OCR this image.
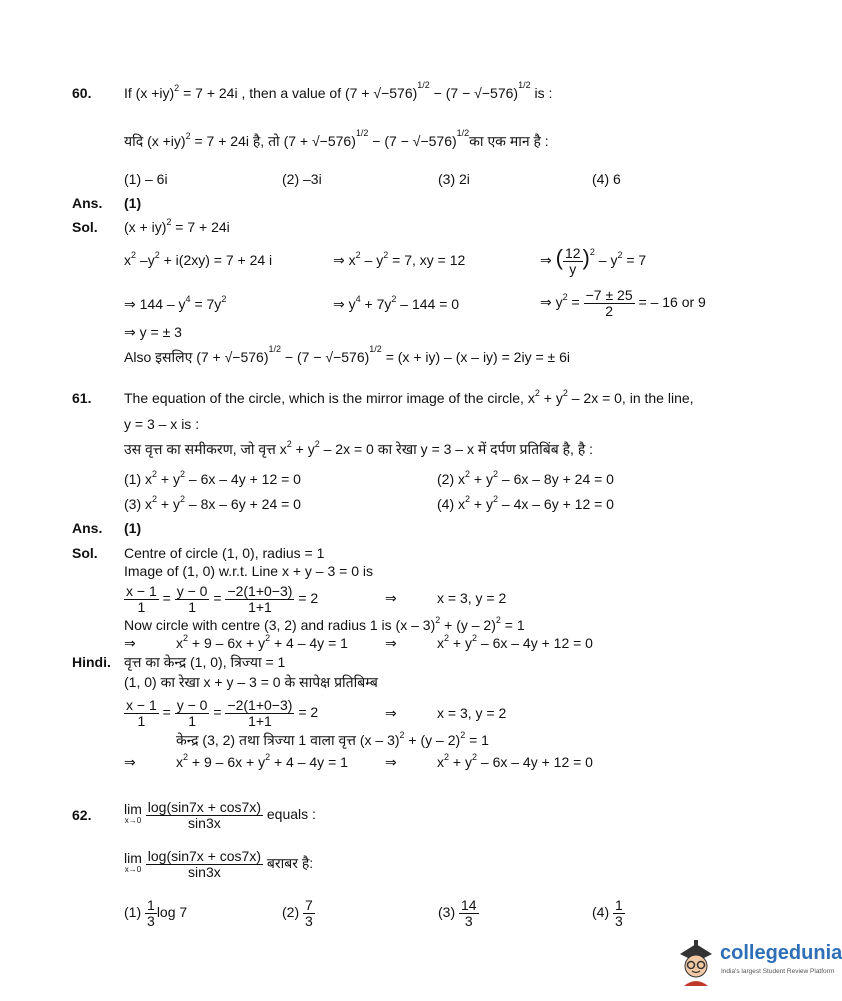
60. If $(x +iy)^2 = 7 + 24i$ , then a value of $(7 + √-576)^{1/2} - (7 - √-576)^{1/2}$ is :
यदि $(x +iy)^2 = 7 + 24i$ है, तो $(7 + √-576)^{1/2} - (7$ − $√-576)^{1/2}का$ एक मान है :
(1) – 6i	(2) –3i	(3) 2i	(4) 6
Ans. (1)
Sol. (x + iy)$^2$ = 7 + 24i
$x^2$ $-y^2 + i(2xy) = 7 + 24$ i	⇒ $x^2 - y^2 = 7$, xy = 12	⇒ ( $\frac{12}{y} )^2 - y^2 = 7$
⇒ $144 - y^4 = 7y^2$	⇒ $y^4 + 7y^2 - 144 = 0$	⇒ $y^2 = \frac{-7 \pm 25}{2}$ = – 16 or 9
⇒ y = ± 3
Also इसलिए $(7 + √-576)^{1/2} - (7 - √-576)^{1/2} = (x + iy) - (x - iy) = 2iy$ = ± 6i
61. The equation of the circle, which is the mirror image of the circle, $x^2 + y^2 - 2x = 0$, in the line,
y = 3 – x is :
उस वृत्त का समीकरण, जो वृत्त $x^2 + y^2 - 2x = 0$ का रेखा y = 3 – x में दर्पण प्रतिबिंब है, है :
(1) $x^2 + y^2 - 6x - 4y + 12 = 0$	(2) $x^2 + y^2 - 6x - 8y + 24 = 0$
(3) $x^2 + y^2 - 8x - 6y + 24 = 0$	(4) $x^2 + y^2 - 4x - 6y + 12 = 0$
Ans. (1)
Sol. Centre of circle (1, 0), radius = 1
Image of (1, 0) w.r.t. Line x + y – 3 = 0 is
$\frac{x - 1}{1} = \frac{y - 0}{1} = \frac{-2(1+0-3)}{1+1} = 2$	⇒	x = 3, y = 2
Now circle with centre (3, 2) and radius 1 is (x – 3)$^2$ + (y – 2)$^2$ = 1
⇒	$x^2 + 9 - 6x + y^2 + 4 - 4y = 1$	⇒	$x^2 + y^2 - 6x - 4y + 12 = 0$
Hindi. वृत्त का केन्द्र (1, 0), त्रिज्या = 1
(1, 0) का रेखा x + y – 3 = 0 के सापेक्ष प्रतिबिम्ब
$\frac{x - 1}{1} = \frac{y - 0}{1} = \frac{-2(1+0-3)}{1+1} = 2$	⇒	x = 3, y = 2
केन्द्र (3, 2) तथा त्रिज्या 1 वाला वृत्त (x – 3)$^2$ + (y – 2)$^2$ = 1
⇒	$x^2 + 9 - 6x + y^2 + 4 - 4y = 1$	⇒	$x^2 + y^2 - 6x - 4y + 12 = 0$
62. lim
x→0
$\frac{\log(\sin 7x + \cos 7x)}{\sin 3x}$ equals :
lim
x→0
$\frac{\log(\sin 7x + \cos 7x)}{\sin 3x}$ बराबर है:
$(1) \frac{1}{3}$ log 7	$(2) \frac{7}{3}$	$(3) \frac{14}{3}$	$(4) \frac{1}{3}$
collegedunia
India's largest Student Review Platform
